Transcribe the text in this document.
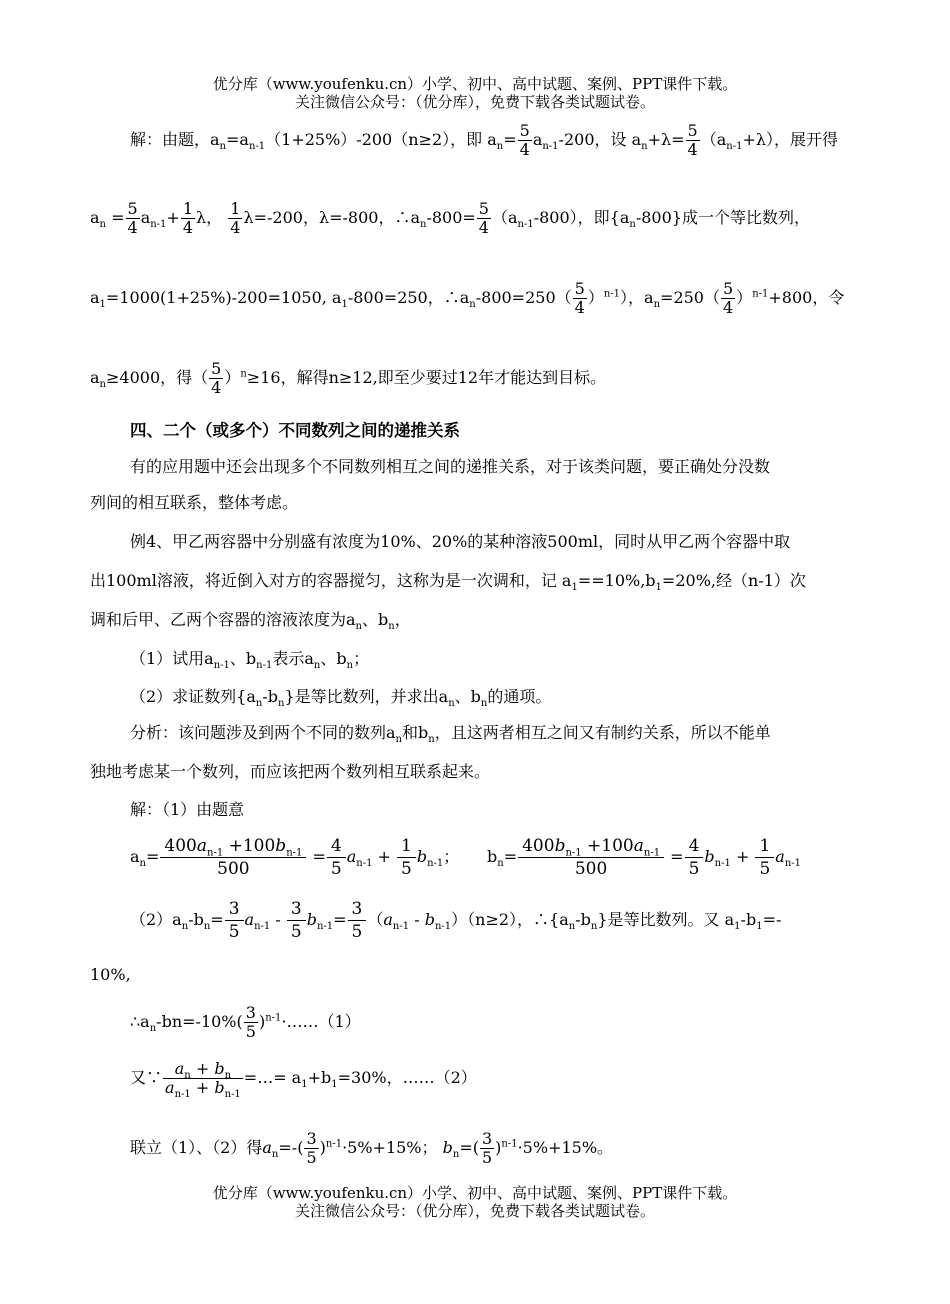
优分库（www.youfenku.cn）小学、初中、高中试题、案例、PPT课件下载。
关注微信公众号：（优分库），免费下载各类试题试卷。
解：由题，$a_n=a_{n-1}(1+25\%)-200(n\ge 2)$，即 $a_n= \frac{5}{4} a_{n-1}-200$，设 $a_n+\lambda= \frac{5}{4} (a_{n-1}+\lambda)$，展开得
$a_n = \frac{5}{4} a_{n-1}+ \frac{1}{4}$ λ， $\frac{1}{4} \lambda=-200$，λ=-800，$\therefore a_n-800= \frac{5}{4} (a_{n-1}-800)$，即$\{a_n-800\}$成一个等比数列，
$a_1=1000(1+25\%)-200=1050$, $a_1-800=250$，$\therefore a_n-800=250( \frac{5}{4} )^{n-1}$），$a_n=250( \frac{5}{4} )^{n-1}+800$，令
$a_n\ge 4000$，得（ $\frac{5}{4} )^n\ge 16$，解得n≥12,即至少要过12年才能达到目标。
四、二个（或多个）不同数列之间的递推关系
有的应用题中还会出现多个不同数列相互之间的递推关系，对于该类问题，要正确处分没数
列间的相互联系，整体考虑。
例4、甲乙两容器中分别盛有浓度为10%、20%的某种溶液500ml，同时从甲乙两个容器中取
出100ml溶液，将近倒入对方的容器搅匀，这称为是一次调和，记 $a_1==10\%,b_1=20\%$,经（n-1）次
调和后甲、乙两个容器的溶液浓度为$a_n$、$b_n$，
（1）试用$a_{n-1}$、$b_{n-1}$表示$a_n$、$b_n$；
（2）求证数列$\{a_n-b_n\}$是等比数列，并求出$a_n$、$b_n$的通项。
分析：该问题涉及到两个不同的数列$a_n$和$b_n$，且这两者相互之间又有制约关系，所以不能单
独地考虑某一个数列，而应该把两个数列相互联系起来。
解：（1）由题意
$a_n= \frac{400a_{n-1} +100b_{n-1}}{500} = \frac{4}{5} a_{n-1} + \frac{1}{5} b_{n-1}$； $b_n= \frac{400b_{n-1} +100a_{n-1}}{500} = \frac{4}{5} b_{n-1} + \frac{1}{5} a_{n-1}$
$(2)a_n-b_n= \frac{3}{5} a_{n-1} - \frac{3}{5} b_{n-1}= \frac{3}{5} (a_{n-1} - b_{n-1})(n\ge 2)$，$\therefore\{a_n-b_n\}$是等比数列。又 $a_1-b_1=-$
10%,
$\therefore a_n-bn=-10\%( \frac{3}{5}$ )$^{n-1}$·……（1）
又∵ $\frac{a_n + b_n}{a_{n-1} + b_{n-1}}$ =…= $a_1+b_1=30\%$，……（2）
联立（1）、（2）得$a_n=-( \frac{3}{5} )^{n-1}\cdot 5\%+15\%$； $b_n=( \frac{3}{5} )^{n-1}\cdot 5\%+15\%$。
优分库（www.youfenku.cn）小学、初中、高中试题、案例、PPT课件下载。
关注微信公众号：（优分库），免费下载各类试题试卷。
